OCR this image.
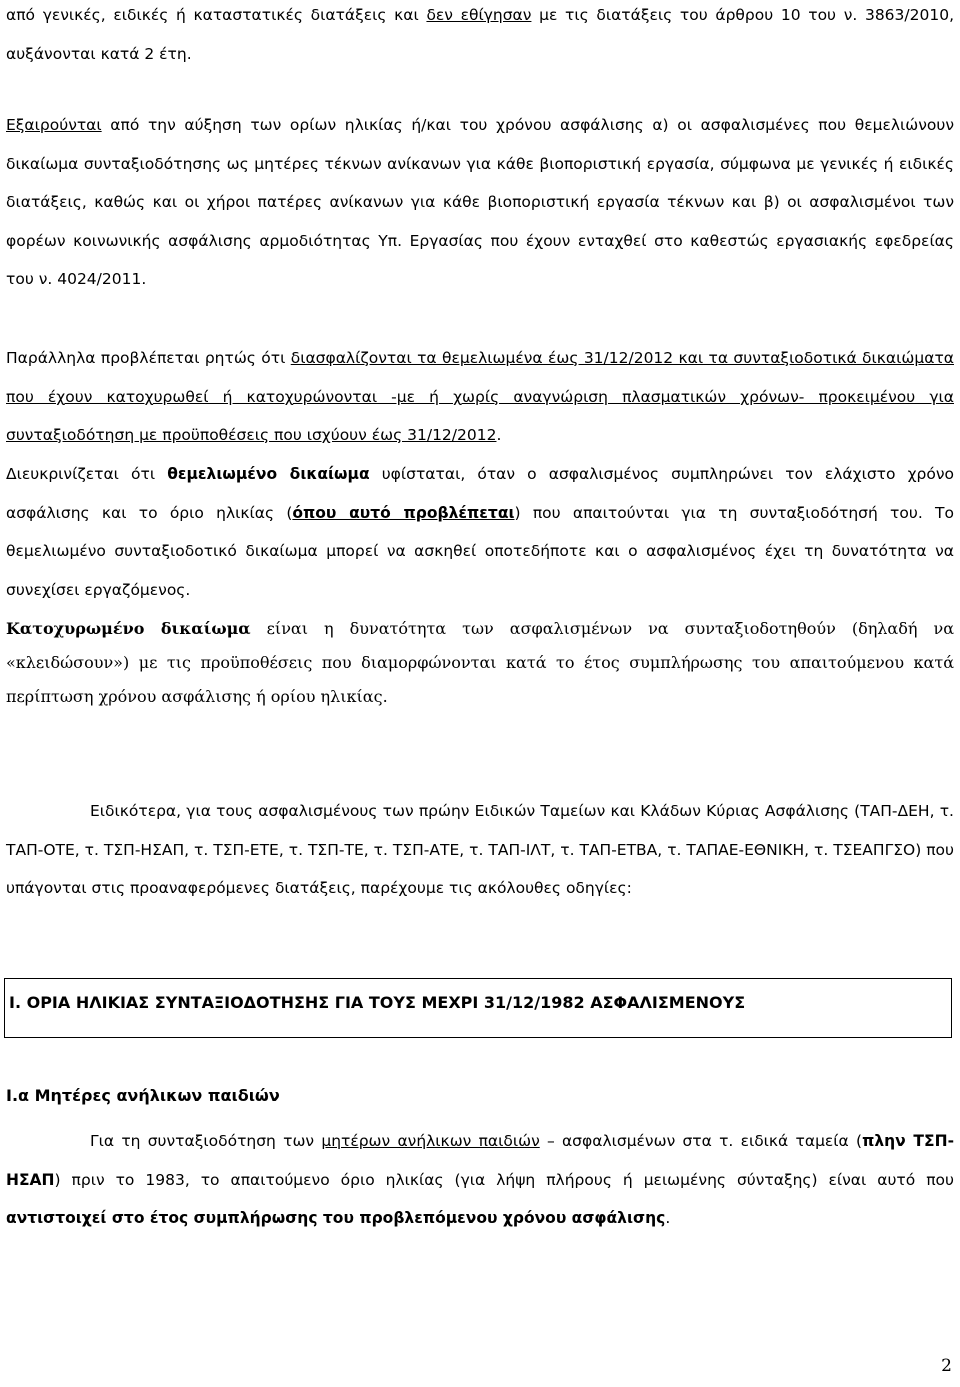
από γενικές, ειδικές ή καταστατικές διατάξεις και δεν εθίγησαν με τις διατάξεις του άρθρου 10 του ν. 3863/2010, αυξάνονται κατά 2 έτη.

Εξαιρούνται από την αύξηση των ορίων ηλικίας ή/και του χρόνου ασφάλισης α) οι ασφαλισμένες που θεμελιώνουν δικαίωμα συνταξιοδότησης ως μητέρες τέκνων ανίκανων για κάθε βιοποριστική εργασία, σύμφωνα με γενικές ή ειδικές διατάξεις, καθώς και οι χήροι πατέρες ανίκανων για κάθε βιοποριστική εργασία τέκνων και β) οι ασφαλισμένοι των φορέων κοινωνικής ασφάλισης αρμοδιότητας Υπ. Εργασίας που έχουν ενταχθεί στο καθεστώς εργασιακής εφεδρείας του ν. 4024/2011.

Παράλληλα προβλέπεται ρητώς ότι διασφαλίζονται τα θεμελιωμένα έως 31/12/2012 και τα συνταξιοδοτικά δικαιώματα που έχουν κατοχυρωθεί ή κατοχυρώνονται -με ή χωρίς αναγνώριση πλασματικών χρόνων- προκειμένου για συνταξιοδότηση με προϋποθέσεις που ισχύουν έως 31/12/2012.

Διευκρινίζεται ότι θεμελιωμένο δικαίωμα υφίσταται, όταν ο ασφαλισμένος συμπληρώνει τον ελάχιστο χρόνο ασφάλισης και το όριο ηλικίας (όπου αυτό προβλέπεται) που απαιτούνται για τη συνταξιοδότησή του. Το θεμελιωμένο συνταξιοδοτικό δικαίωμα μπορεί να ασκηθεί οποτεδήποτε και ο ασφαλισμένος έχει τη δυνατότητα να συνεχίσει εργαζόμενος.

Κατοχυρωμένο δικαίωμα είναι η δυνατότητα των ασφαλισμένων να συνταξιοδοτηθούν (δηλαδή να «κλειδώσουν») με τις προϋποθέσεις που διαμορφώνονται κατά το έτος συμπλήρωσης του απαιτούμενου κατά περίπτωση χρόνου ασφάλισης ή ορίου ηλικίας.

Ειδικότερα, για τους ασφαλισμένους των πρώην Ειδικών Ταμείων και Κλάδων Κύριας Ασφάλισης (ΤΑΠ-ΔΕΗ, τ. ΤΑΠ-ΟΤΕ, τ. ΤΣΠ-ΗΣΑΠ, τ. ΤΣΠ-ΕΤΕ, τ. ΤΣΠ-ΤΕ, τ. ΤΣΠ-ΑΤΕ, τ. ΤΑΠ-ΙΛΤ, τ. ΤΑΠ-ΕΤΒΑ, τ. ΤΑΠΑΕ-ΕΘΝΙΚΗ, τ. ΤΣΕΑΠΓΣΟ) που υπάγονται στις προαναφερόμενες διατάξεις, παρέχουμε τις ακόλουθες οδηγίες:

I. ΟΡΙΑ ΗΛΙΚΙΑΣ ΣΥΝΤΑΞΙΟΔΟΤΗΣΗΣ ΓΙΑ ΤΟΥΣ ΜΕΧΡΙ 31/12/1982 ΑΣΦΑΛΙΣΜΕΝΟΥΣ
I.α Μητέρες ανήλικων παιδιών

Για τη συνταξιοδότηση των μητέρων ανήλικων παιδιών – ασφαλισμένων στα τ. ειδικά ταμεία (πλην ΤΣΠ-ΗΣΑΠ) πριν το 1983, το απαιτούμενο όριο ηλικίας (για λήψη πλήρους ή μειωμένης σύνταξης) είναι αυτό που αντιστοιχεί στο έτος συμπλήρωσης του προβλεπόμενου χρόνου ασφάλισης.

2
